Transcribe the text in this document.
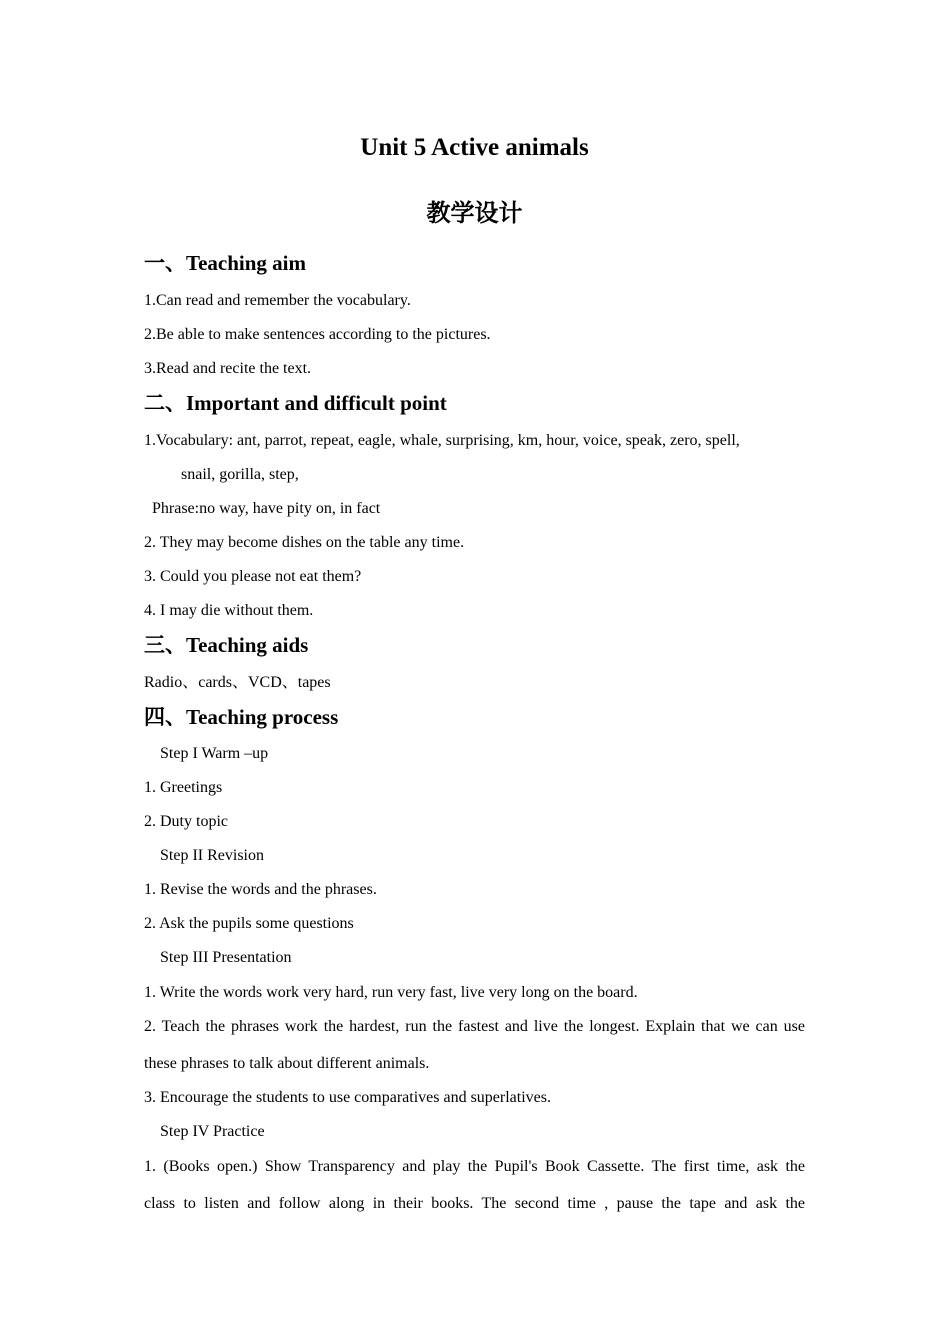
Unit 5 Active animals
教学设计
一、Teaching aim

1.Can read and remember the vocabulary.

2.Be able to make sentences according to the pictures.

3.Read and recite the text.

二、Important and difficult point

1.Vocabulary: ant, parrot, repeat, eagle, whale, surprising, km, hour, voice, speak, zero, spell,

snail, gorilla, step,

Phrase:no way, have pity on, in fact

2. They may become dishes on the table any time.

3. Could you please not eat them?

4. I may die without them.

三、Teaching aids

Radio、cards、VCD、tapes

四、Teaching process

Step I Warm –up

1. Greetings

2. Duty topic

Step II Revision

1. Revise the words and the phrases.

2. Ask the pupils some questions

Step III Presentation

1. Write the words work very hard, run very fast, live very long on the board.

2. Teach the phrases work the hardest, run the fastest and live the longest. Explain that we can use

these phrases to talk about different animals.

3. Encourage the students to use comparatives and superlatives.

Step IV Practice

1. (Books open.) Show Transparency and play the Pupil's Book Cassette. The first time, ask the

class to listen and follow along in their books. The second time , pause the tape and ask the
